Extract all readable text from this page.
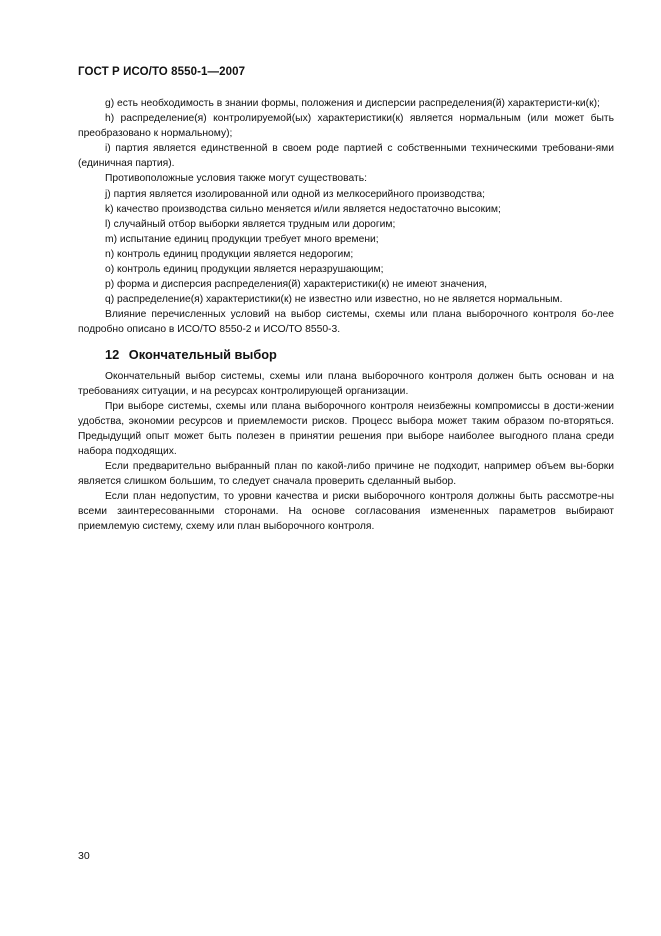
ГОСТ Р ИСО/ТО 8550-1—2007

g) есть необходимость в знании формы, положения и дисперсии распределения(й) характеристи-ки(к);

h) распределение(я) контролируемой(ых) характеристики(к) является нормальным (или может быть преобразовано к нормальному);

i) партия является единственной в своем роде партией с собственными техническими требовани-ями (единичная партия).

Противоположные условия также могут существовать:

j) партия является изолированной или одной из мелкосерийного производства;

k) качество производства сильно меняется и/или является недостаточно высоким;

l) случайный отбор выборки является трудным или дорогим;

m) испытание единиц продукции требует много времени;

n) контроль единиц продукции является недорогим;

o) контроль единиц продукции является неразрушающим;

p) форма и дисперсия распределения(й) характеристики(к) не имеют значения,

q) распределение(я) характеристики(к) не известно или известно, но не является нормальным.

Влияние перечисленных условий на выбор системы, схемы или плана выборочного контроля бо-лее подробно описано в ИСО/ТО 8550-2 и ИСО/ТО 8550-3.

12 Окончательный выбор

Окончательный выбор системы, схемы или плана выборочного контроля должен быть основан и на требованиях ситуации, и на ресурсах контролирующей организации.

При выборе системы, схемы или плана выборочного контроля неизбежны компромиссы в дости-жении удобства, экономии ресурсов и приемлемости рисков. Процесс выбора может таким образом по-вторяться. Предыдущий опыт может быть полезен в принятии решения при выборе наиболее выгодного плана среди набора подходящих.

Если предварительно выбранный план по какой-либо причине не подходит, например объем вы-борки является слишком большим, то следует сначала проверить сделанный выбор.

Если план недопустим, то уровни качества и риски выборочного контроля должны быть рассмотре-ны всеми заинтересованными сторонами. На основе согласования измененных параметров выбирают приемлемую систему, схему или план выборочного контроля.

30
